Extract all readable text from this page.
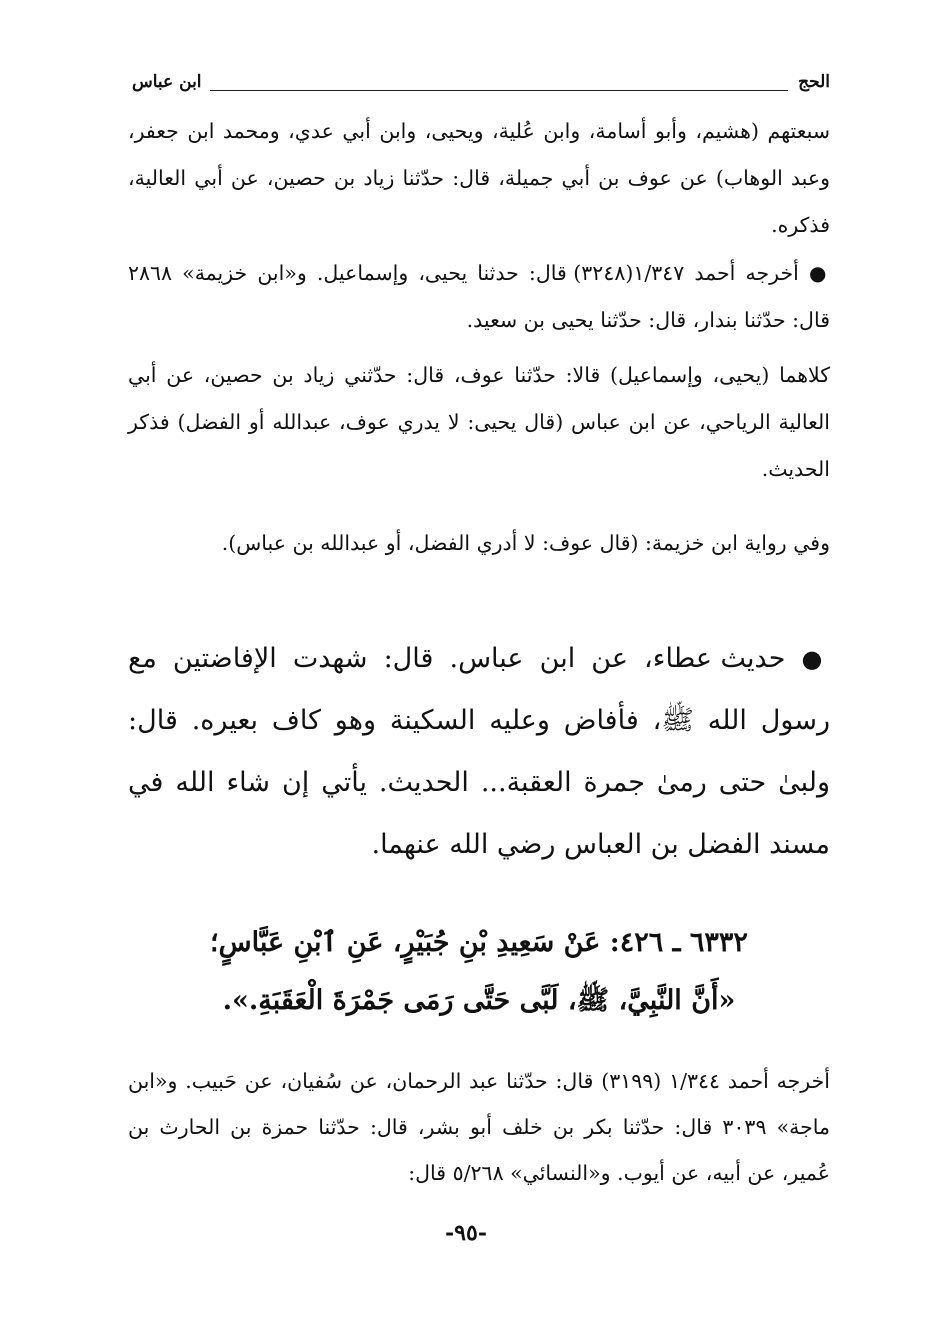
الحج
ابن عباس

سبعتهم (هشيم، وأبو أسامة، وابن عُلية، ويحيى، وابن أبي عدي، ومحمد ابن جعفر، وعبد الوهاب) عن عوف بن أبي جميلة، قال: حدّثنا زياد بن حصين، عن أبي العالية، فذكره.

● أخرجه أحمد ١/٣٤٧(٣٢٤٨) قال: حدثنا يحيى، وإسماعيل. و«ابن خزيمة» ٢٨٦٨ قال: حدّثنا بندار، قال: حدّثنا يحيى بن سعيد.

كلاهما (يحيى، وإسماعيل) قالا: حدّثنا عوف، قال: حدّثني زياد بن حصين، عن أبي العالية الرياحي، عن ابن عباس (قال يحيى: لا يدري عوف، عبدالله أو الفضل) فذكر الحديث.

وفي رواية ابن خزيمة: (قال عوف: لا أدري الفضل، أو عبدالله بن عباس).

● حديث عطاء، عن ابن عباس. قال: شهدت الإفاضتين مع رسول الله ﷺ، فأفاض وعليه السكينة وهو كاف بعيره. قال: ولبىٰ حتى رمىٰ جمرة العقبة... الحديث. يأتي إن شاء الله في مسند الفضل بن العباس رضي الله عنهما.

٦٣٣٢ ـ ٤٢٦: عَنْ سَعِيدِ بْنِ جُبَيْرٍ، عَنِ ٱبْنِ عَبَّاسٍ؛
«أَنَّ النَّبِيَّ، ﷺ، لَبَّى حَتَّى رَمَى جَمْرَةَ الْعَقَبَةِ.».

أخرجه أحمد ١/٣٤٤ (٣١٩٩) قال: حدّثنا عبد الرحمان، عن سُفيان، عن حَبيب. و«ابن ماجة» ٣٠٣٩ قال: حدّثنا بكر بن خلف أبو بشر، قال: حدّثنا حمزة بن الحارث بن عُمير، عن أبيه، عن أيوب. و«النسائي» ٥/٢٦٨ قال:

-٩٥-
